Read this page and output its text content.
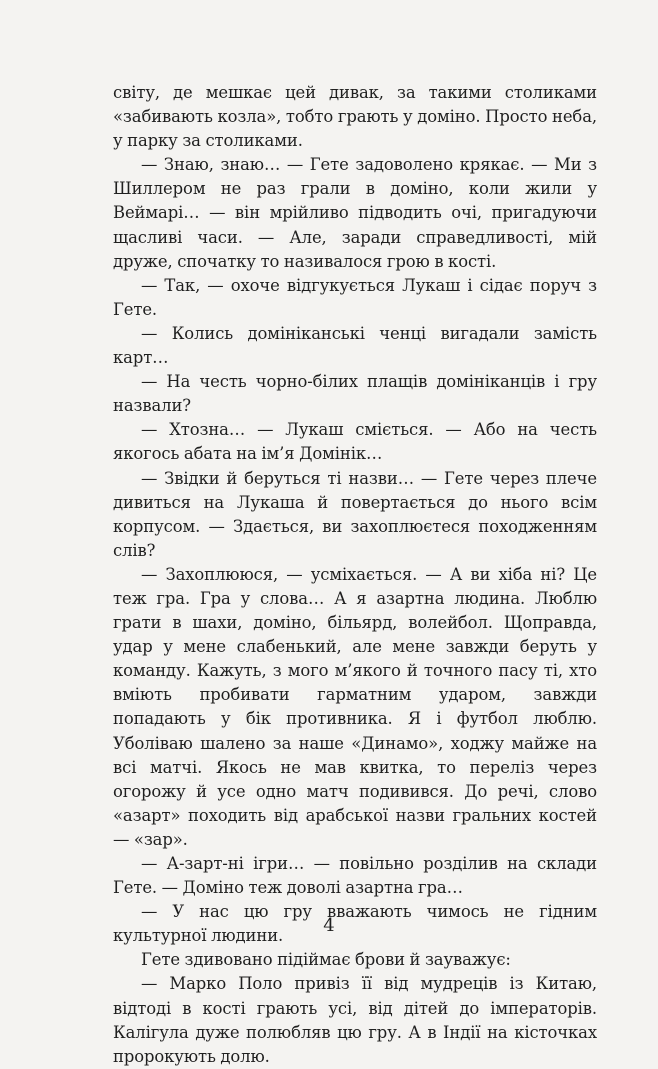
світу, де мешкає цей дивак, за такими столиками «забивають козла», тобто грають у доміно. Просто неба, у парку за столиками.

— Знаю, знаю… — Гете задоволено крякає. — Ми з Шиллером не раз грали в доміно, коли жили у Веймарі… — він мрійливо підводить очі, пригадуючи щасливі часи. — Але, заради справедливості, мій друже, спочатку то називалося грою в кості.

— Так, — охоче відгукується Лукаш і сідає поруч з Гете.

— Колись домініканські ченці вигадали замість карт…

— На честь чорно-білих плащів домініканців і гру назвали?

— Хтозна… — Лукаш сміється. — Або на честь якогось абата на ім’я Домінік…

— Звідки й беруться ті назви… — Гете через плече дивиться на Лукаша й повертається до нього всім корпусом. — Здається, ви захоплюєтеся походженням слів?

— Захоплююся, — усміхається. — А ви хіба ні? Це теж гра. Гра у слова… А я азартна людина. Люблю грати в шахи, доміно, більярд, волейбол. Щоправда, удар у мене слабенький, але мене завжди беруть у команду. Кажуть, з мого м’якого й точного пасу ті, хто вміють пробивати гарматним ударом, завжди попадають у бік противника. Я і футбол люблю. Уболіваю шалено за наше «Динамо», ходжу майже на всі матчі. Якось не мав квитка, то переліз через огорожу й усе одно матч подивився. До речі, слово «азарт» походить від арабської назви гральних костей — «зар».

— А-зарт-ні ігри… — повільно розділив на склади Гете. — Доміно теж доволі азартна гра…

— У нас цю гру вважають чимось не гідним культурної людини.

Гете здивовано підіймає брови й зауважує:

— Марко Поло привіз її від мудреців із Китаю, відтоді в кості грають усі, від дітей до імператорів. Калігула дуже полюбляв цю гру. А в Індії на кісточках пророкують долю.

4
